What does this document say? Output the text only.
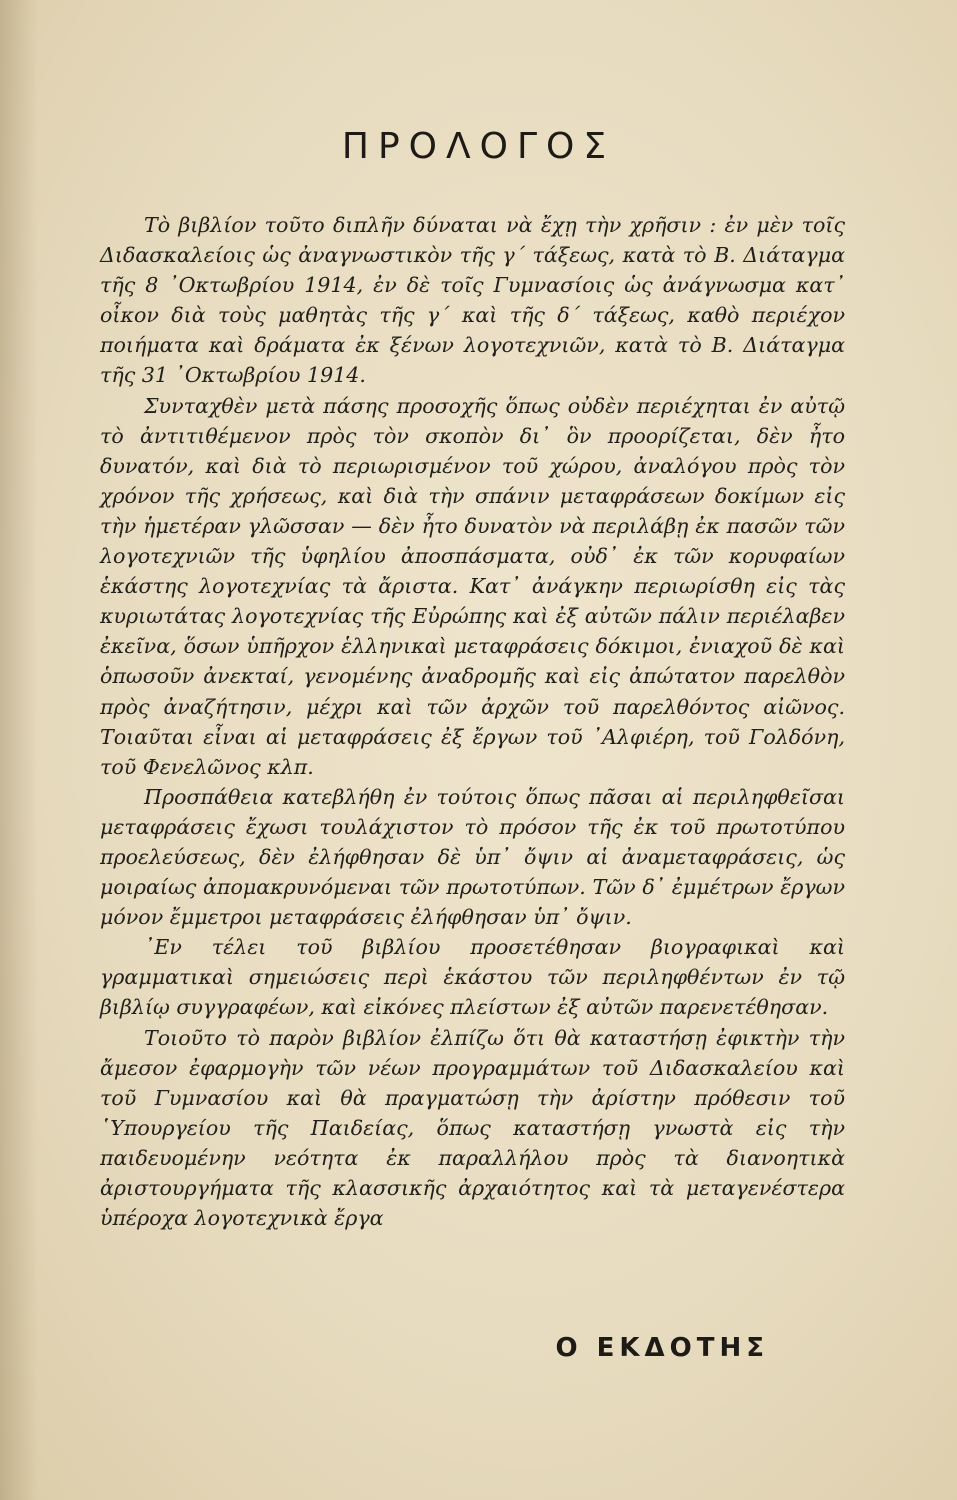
ΠΡΟΛΟΓΟΣ

Τὸ βιβλίον τοῦτο διπλῆν δύναται νὰ ἔχῃ τὴν χρῆσιν : ἐν μὲν τοῖς Διδασκαλείοις ὡς ἀναγνωστικὸν τῆς γ΄ τάξεως, κατὰ τὸ Β. Διάταγμα τῆς 8 ᾿Οκτωβρίου 1914, ἐν δὲ τοῖς Γυμνασίοις ὡς ἀνάγνωσμα κατ᾿ οἶκον διὰ τοὺς μαθητὰς τῆς γ΄ καὶ τῆς δ΄ τάξεως, καθὸ περιέχον ποιήματα καὶ δράματα ἐκ ξένων λογοτεχνιῶν, κατὰ τὸ Β. Διάταγμα τῆς 31 ᾿Οκτωβρίου 1914.

Συνταχθὲν μετὰ πάσης προσοχῆς ὅπως οὐδὲν περιέχηται ἐν αὐτῷ τὸ ἀντιτιθέμενον πρὸς τὸν σκοπὸν δι᾿ ὃν προορίζεται, δὲν ἦτο δυνατόν, καὶ διὰ τὸ περιωρισμένον τοῦ χώρου, ἀναλόγου πρὸς τὸν χρόνον τῆς χρήσεως, καὶ διὰ τὴν σπάνιν μεταφράσεων δοκίμων εἰς τὴν ἡμετέραν γλῶσσαν — δὲν ἦτο δυνατὸν νὰ περιλάβῃ ἐκ πασῶν τῶν λογοτεχνιῶν τῆς ὑφηλίου ἀποσπάσματα, οὐδ᾿ ἐκ τῶν κορυφαίων ἑκάστης λογοτεχνίας τὰ ἄριστα. Κατ᾿ ἀνάγκην περιωρίσθη εἰς τὰς κυριωτάτας λογοτεχνίας τῆς Εὐρώπης καὶ ἐξ αὐτῶν πάλιν περιέλαβεν ἐκεῖνα, ὅσων ὑπῆρχον ἑλληνικαὶ μεταφράσεις δόκιμοι, ἐνιαχοῦ δὲ καὶ ὁπωσοῦν ἀνεκταί, γενομένης ἀναδρομῆς καὶ εἰς ἀπώτατον παρελθὸν πρὸς ἀναζήτησιν, μέχρι καὶ τῶν ἀρχῶν τοῦ παρελθόντος αἰῶνος. Τοιαῦται εἶναι αἱ μεταφράσεις ἐξ ἔργων τοῦ ᾿Αλφιέρη, τοῦ Γολδόνη, τοῦ Φενελῶνος κλπ.

Προσπάθεια κατεβλήθη ἐν τούτοις ὅπως πᾶσαι αἱ περιληφθεῖσαι μεταφράσεις ἔχωσι τουλάχιστον τὸ πρόσον τῆς ἐκ τοῦ πρωτοτύπου προελεύσεως, δὲν ἐλήφθησαν δὲ ὑπ᾿ ὄψιν αἱ ἀναμεταφράσεις, ὡς μοιραίως ἀπομακρυνόμεναι τῶν πρωτοτύπων. Τῶν δ᾿ ἐμμέτρων ἔργων μόνον ἔμμετροι μεταφράσεις ἐλήφθησαν ὑπ᾿ ὄψιν.

᾿Εν τέλει τοῦ βιβλίου προσετέθησαν βιογραφικαὶ καὶ γραμματικαὶ σημειώσεις περὶ ἑκάστου τῶν περιληφθέντων ἐν τῷ βιβλίῳ συγγραφέων, καὶ εἰκόνες πλείστων ἐξ αὐτῶν παρενετέθησαν.

Τοιοῦτο τὸ παρὸν βιβλίον ἐλπίζω ὅτι θὰ καταστήσῃ ἐφικτὴν τὴν ἄμεσον ἐφαρμογὴν τῶν νέων προγραμμάτων τοῦ Διδασκαλείου καὶ τοῦ Γυμνασίου καὶ θὰ πραγματώσῃ τὴν ἀρίστην πρόθεσιν τοῦ ῾Υπουργείου τῆς Παιδείας, ὅπως καταστήσῃ γνωστὰ εἰς τὴν παιδευομένην νεότητα ἐκ παραλλήλου πρὸς τὰ διανοητικὰ ἀριστουργήματα τῆς κλασσικῆς ἀρχαιότητος καὶ τὰ μεταγενέστερα ὑπέροχα λογοτεχνικὰ ἔργα

Ο ΕΚΔΟΤΗΣ
